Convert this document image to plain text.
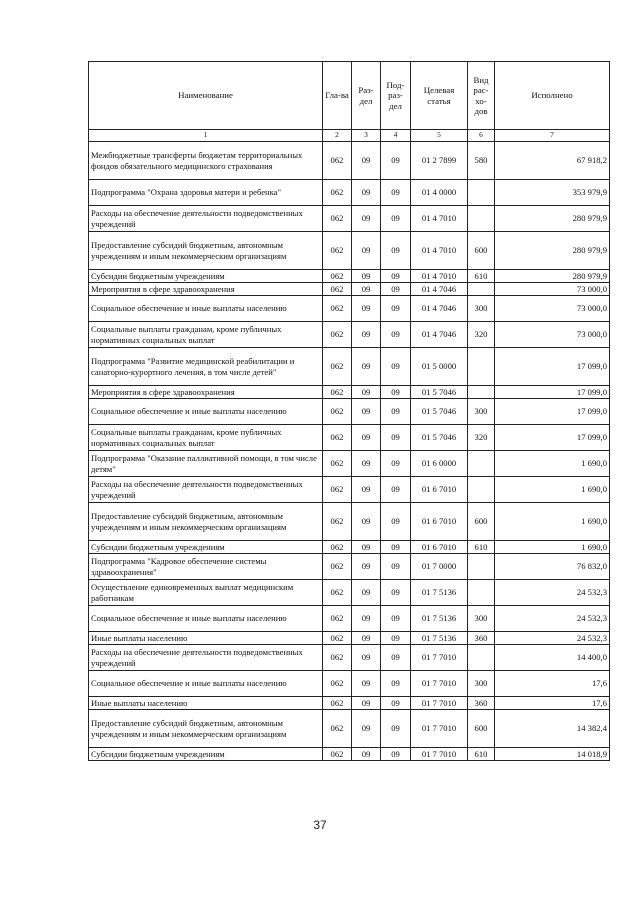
Наименование	Гла-ва	Раз-дел	Под-раз-дел	Целевая статья	Вид рас-хо-дов	Исполнено
1	2	3	4	5	6	7
Межбюджетные трансферты бюджетам территориальных фондов обязательного медицинского страхования	062	09	09	01 2 7899	580	67 918,2
Подпрограмма "Охрана здоровья матери и ребенка"	062	09	09	01 4 0000		353 979,9
Расходы на обеспечение деятельности подведомственных учреждений	062	09	09	01 4 7010		280 979,9
Предоставление субсидий бюджетным, автономным учреждениям и иным некоммерческим организациям	062	09	09	01 4 7010	600	280 979,9
Субсидии бюджетным учреждениям	062	09	09	01 4 7010	610	280 979,9
Мероприятия в сфере здравоохранения	062	09	09	01 4 7046		73 000,0
Социальное обеспечение и иные выплаты населению	062	09	09	01 4 7046	300	73 000,0
Социальные выплаты гражданам, кроме публичных нормативных социальных выплат	062	09	09	01 4 7046	320	73 000,0
Подпрограмма "Развитие медицинской реабилитации и санаторно-курортного лечения, в том числе детей"	062	09	09	01 5 0000		17 099,0
Мероприятия в сфере здравоохранения	062	09	09	01 5 7046		17 099,0
Социальное обеспечение и иные выплаты населению	062	09	09	01 5 7046	300	17 099,0
Социальные выплаты гражданам, кроме публичных нормативных социальных выплат	062	09	09	01 5 7046	320	17 099,0
Подпрограмма "Оказание паллиативной помощи, в том числе детям"	062	09	09	01 6 0000		1 690,0
Расходы на обеспечение деятельности подведомственных учреждений	062	09	09	01 6 7010		1 690,0
Предоставление субсидий бюджетным, автономным учреждениям и иным некоммерческим организациям	062	09	09	01 6 7010	600	1 690,0
Субсидии бюджетным учреждениям	062	09	09	01 6 7010	610	1 690,0
Подпрограмма "Кадровое обеспечение системы здравоохранения"	062	09	09	01 7 0000		76 832,0
Осуществление единовременных выплат медицинским работникам	062	09	09	01 7 5136		24 532,3
Социальное обеспечение и иные выплаты населению	062	09	09	01 7 5136	300	24 532,3
Иные выплаты населению	062	09	09	01 7 5136	360	24 532,3
Расходы на обеспечение деятельности подведомственных учреждений	062	09	09	01 7 7010		14 400,0
Социальное обеспечение и иные выплаты населению	062	09	09	01 7 7010	300	17,6
Иные выплаты населению	062	09	09	01 7 7010	360	17,6
Предоставление субсидий бюджетным, автономным учреждениям и иным некоммерческим организациям	062	09	09	01 7 7010	600	14 382,4
Субсидии бюджетным учреждениям	062	09	09	01 7 7010	610	14 018,9
37
